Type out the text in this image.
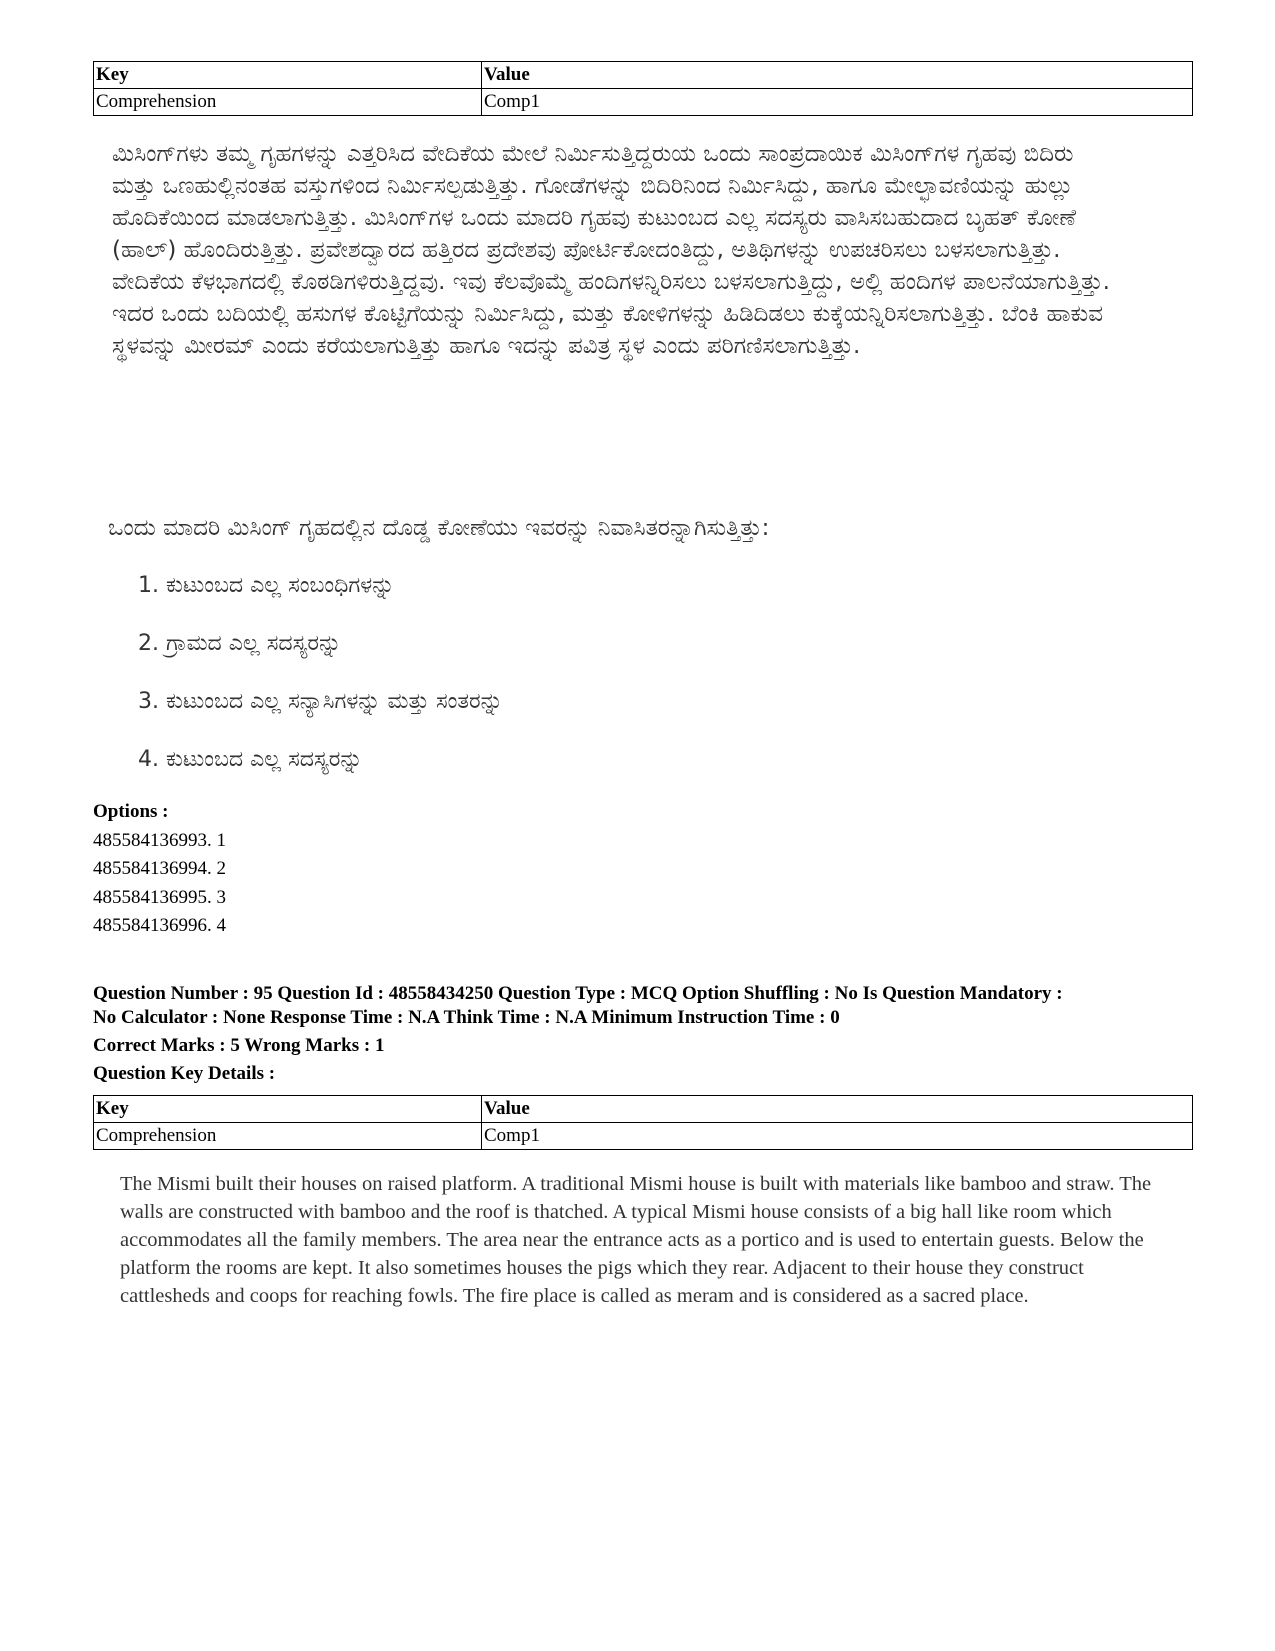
Key	Value
Comprehension	Comp1
ಮಿಸಿಂಗ್‌ಗಳು ತಮ್ಮ ಗೃಹಗಳನ್ನು ಎತ್ತರಿಸಿದ ವೇದಿಕೆಯ ಮೇಲೆ ನಿರ್ಮಿಸುತ್ತಿದ್ದರುಯ ಒಂದು ಸಾಂಪ್ರದಾಯಿಕ ಮಿಸಿಂಗ್‌ಗಳ ಗೃಹವು ಬಿದಿರು ಮತ್ತು ಒಣಹುಲ್ಲಿನಂತಹ ವಸ್ತುಗಳಿಂದ ನಿರ್ಮಿಸಲ್ಪಡುತ್ತಿತ್ತು. ಗೋಡೆಗಳನ್ನು ಬಿದಿರಿನಿಂದ ನಿರ್ಮಿಸಿದ್ದು, ಹಾಗೂ ಮೇಲ್ಛಾವಣಿಯನ್ನು ಹುಲ್ಲು ಹೊದಿಕೆಯಿಂದ ಮಾಡಲಾಗುತ್ತಿತ್ತು. ಮಿಸಿಂಗ್‌ಗಳ ಒಂದು ಮಾದರಿ ಗೃಹವು ಕುಟುಂಬದ ಎಲ್ಲ ಸದಸ್ಯರು ವಾಸಿಸಬಹುದಾದ ಬೃಹತ್ ಕೋಣೆ (ಹಾಲ್) ಹೊಂದಿರುತ್ತಿತ್ತು. ಪ್ರವೇಶದ್ವಾರದ ಹತ್ತಿರದ ಪ್ರದೇಶವು ಪೋರ್ಟಿಕೋದಂತಿದ್ದು, ಅತಿಥಿಗಳನ್ನು ಉಪಚರಿಸಲು ಬಳಸಲಾಗುತ್ತಿತ್ತು. ವೇದಿಕೆಯ ಕೆಳಭಾಗದಲ್ಲಿ ಕೊಠಡಿಗಳಿರುತ್ತಿದ್ದವು. ಇವು ಕೆಲವೊಮ್ಮೆ ಹಂದಿಗಳನ್ನಿರಿಸಲು ಬಳಸಲಾಗುತ್ತಿದ್ದು, ಅಲ್ಲಿ ಹಂದಿಗಳ ಪಾಲನೆಯಾಗುತ್ತಿತ್ತು. ಇದರ ಒಂದು ಬದಿಯಲ್ಲಿ ಹಸುಗಳ ಕೊಟ್ಟಿಗೆಯನ್ನು ನಿರ್ಮಿಸಿದ್ದು, ಮತ್ತು ಕೋಳಿಗಳನ್ನು ಹಿಡಿದಿಡಲು ಕುಕ್ಕೆಯನ್ನಿರಿಸಲಾಗುತ್ತಿತ್ತು. ಬೆಂಕಿ ಹಾಕುವ ಸ್ಥಳವನ್ನು ಮೀರಮ್ ಎಂದು ಕರೆಯಲಾಗುತ್ತಿತ್ತು ಹಾಗೂ ಇದನ್ನು ಪವಿತ್ರ ಸ್ಥಳ ಎಂದು ಪರಿಗಣಿಸಲಾಗುತ್ತಿತ್ತು.
ಒಂದು ಮಾದರಿ ಮಿಸಿಂಗ್ ಗೃಹದಲ್ಲಿನ ದೊಡ್ಡ ಕೋಣೆಯು ಇವರನ್ನು ನಿವಾಸಿತರನ್ನಾಗಿಸುತ್ತಿತ್ತು:
1. ಕುಟುಂಬದ ಎಲ್ಲ ಸಂಬಂಧಿಗಳನ್ನು
2. ಗ್ರಾಮದ ಎಲ್ಲ ಸದಸ್ಯರನ್ನು
3. ಕುಟುಂಬದ ಎಲ್ಲ ಸನ್ಯಾಸಿಗಳನ್ನು ಮತ್ತು ಸಂತರನ್ನು
4. ಕುಟುಂಬದ ಎಲ್ಲ ಸದಸ್ಯರನ್ನು
Options :
485584136993. 1
485584136994. 2
485584136995. 3
485584136996. 4
Question Number : 95 Question Id : 48558434250 Question Type : MCQ Option Shuffling : No Is Question Mandatory :
No Calculator : None Response Time : N.A Think Time : N.A Minimum Instruction Time : 0
Correct Marks : 5 Wrong Marks : 1
Question Key Details :
Key	Value
Comprehension	Comp1
The Mismi built their houses on raised platform. A traditional Mismi house is built with materials like bamboo and straw. The walls are constructed with bamboo and the roof is thatched. A typical Mismi house consists of a big hall like room which accommodates all the family members. The area near the entrance acts as a portico and is used to entertain guests. Below the platform the rooms are kept. It also sometimes houses the pigs which they rear. Adjacent to their house they construct cattlesheds and coops for reaching fowls. The fire place is called as meram and is considered as a sacred place.
